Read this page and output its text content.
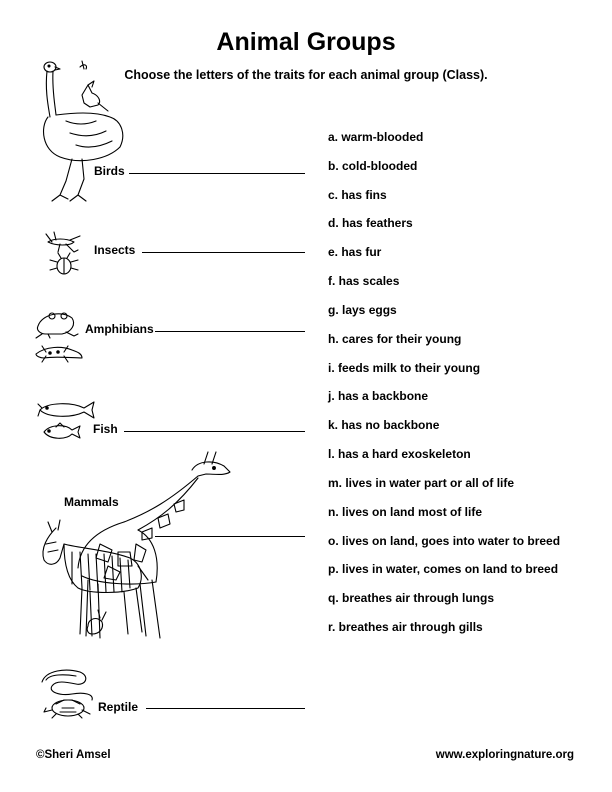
Animal Groups
Choose the letters of the traits for each animal group (Class).
Birds
Insects
Amphibians
Fish
Mammals
Reptile
a. warm-blooded
b. cold-blooded
c. has fins
d. has feathers
e. has fur
f. has scales
g. lays eggs
h. cares for their young
i. feeds milk to their young
j. has a backbone
k. has no backbone
l. has a hard exoskeleton
m. lives in water part or all of life
n. lives on land most of life
o. lives on land, goes into water to breed
p. lives in water, comes on land to breed
q. breathes air through lungs
r. breathes air through gills
©Sheri Amsel	www.exploringnature.org
